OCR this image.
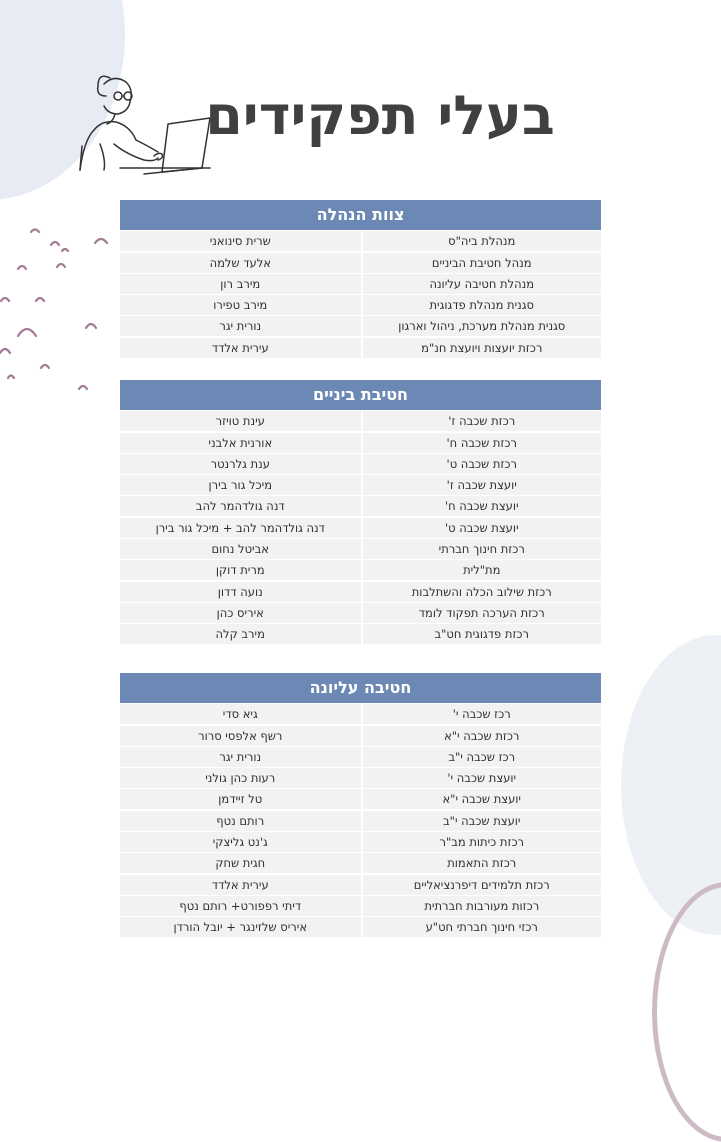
בעלי תפקידים
צוות הנהלה
מנהלת ביה"ס
שרית סינואני
מנהל חטיבת הביניים
אלעד שלמה
מנהלת חטיבה עליונה
מירב רון
סגנית מנהלת פדגוגית
מירב טפירו
סגנית מנהלת מערכת, ניהול וארגון
נורית יגר
רכזת יועצות ויועצת חנ"מ
עירית אלדד
חטיבת ביניים
רכזת שכבה ז'
עינת טויזר
רכזת שכבה ח'
אורנית אלבני
רכזת שכבה ט'
ענת גלרנטר
יועצת שכבה ז'
מיכל גור בירן
יועצת שכבה ח'
דנה גולדהמר להב
יועצת שכבה ט'
דנה גולדהמר להב + מיכל גור בירן
רכזת חינוך חברתי
אביטל נחום
מת"לית
מרית דוקן
רכזת שילוב הכלה והשתלבות
נועה דדון
רכזת הערכה תפקוד לומד
איריס כהן
רכזת פדגוגית חט"ב
מירב קלה
חטיבה עליונה
רכז שכבה י'
גיא סדי
רכזת שכבה י"א
רשף אלפסי סרור
רכז שכבה י"ב
נורית יגר
יועצת שכבה י'
רעות כהן גולני
יועצת שכבה י"א
טל זיידמן
יועצת שכבה י"ב
רותם נטף
רכזת כיתות מב"ר
ג'נט גליצקי
רכזת התאמות
חגית שחק
רכזת תלמידים דיפרנציאליים
עירית אלדד
רכזות מעורבות חברתית
דיתי רפפורט+ רותם נטף
רכזי חינוך חברתי חט"ע
איריס שלזינגר + יובל הורדן
